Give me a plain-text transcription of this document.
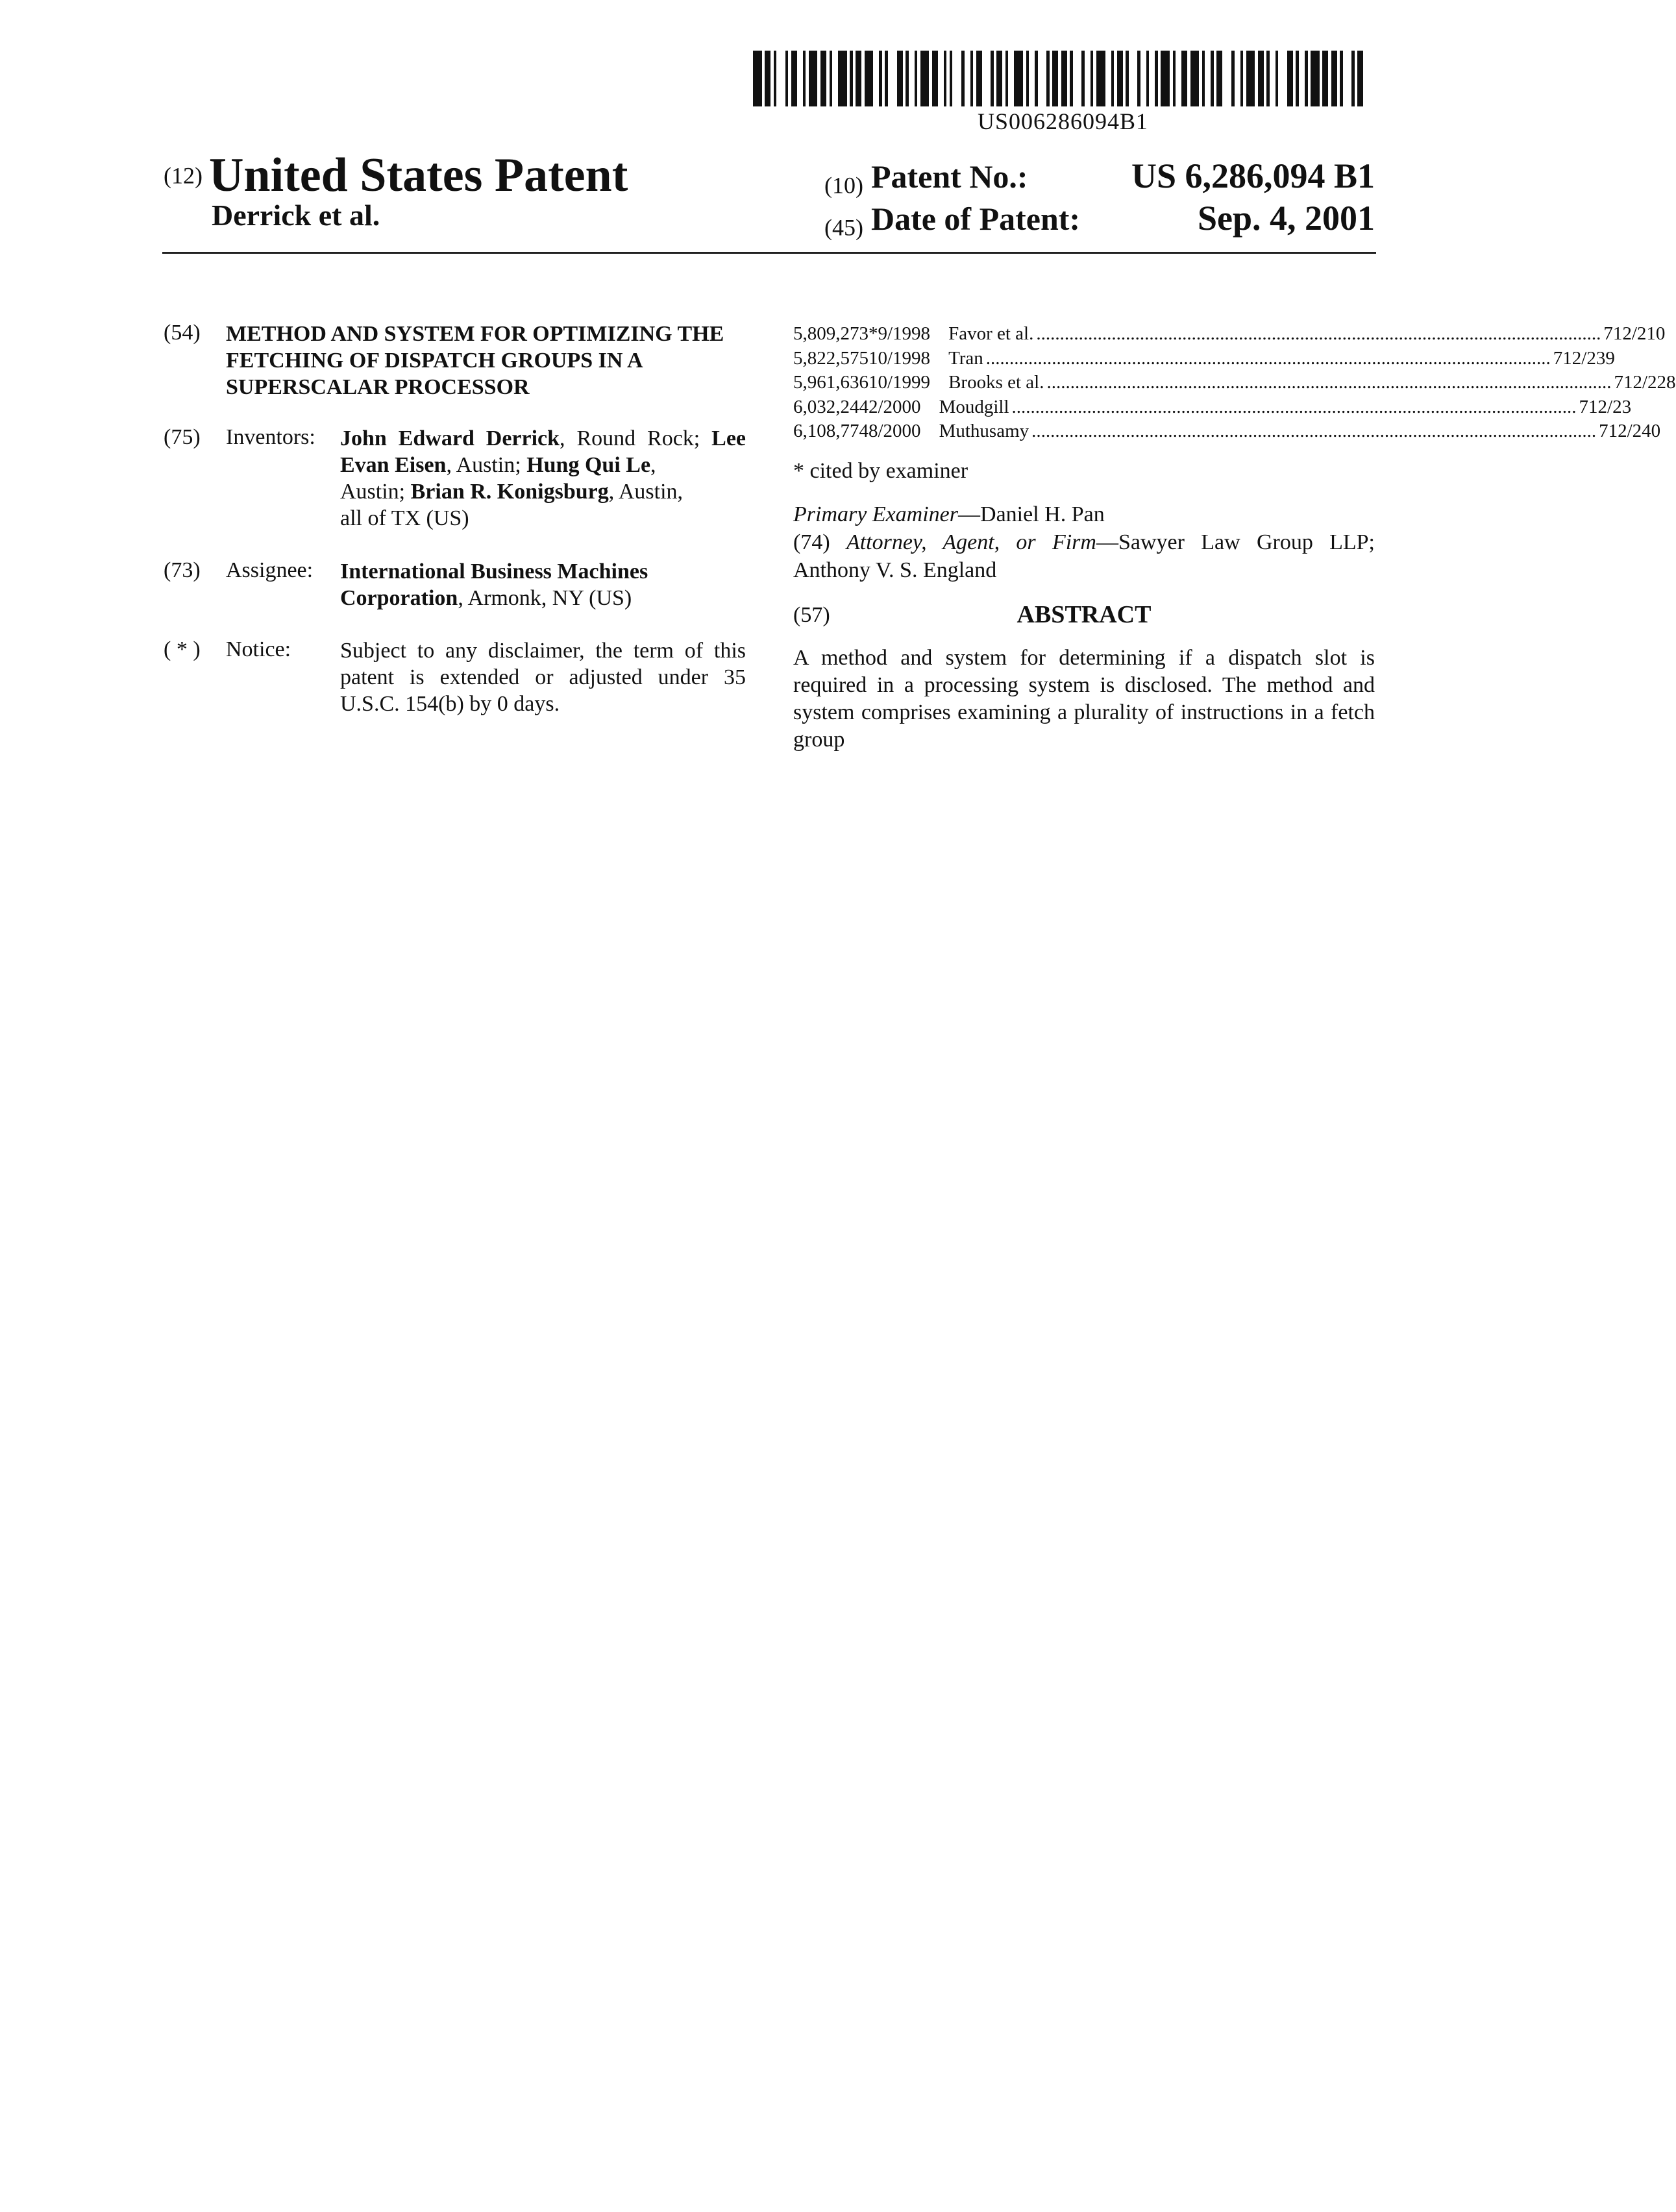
US006286094B1
(12) United States Patent
Derrick et al.
(10) Patent No.:	US 6,286,094 B1
(45) Date of Patent:	Sep. 4, 2001
(54) METHOD AND SYSTEM FOR OPTIMIZING THE FETCHING OF DISPATCH GROUPS IN A SUPERSCALAR PROCESSOR
(75) Inventors: John Edward Derrick, Round Rock; Lee Evan Eisen, Austin; Hung Qui Le,
Austin; Brian R. Konigsburg, Austin,
all of TX (US)
(73) Assignee: International Business Machines Corporation, Armonk, NY (US)
( * ) Notice: Subject to any disclaimer, the term of this patent is extended or adjusted under 35 U.S.C. 154(b) by 0 days.
5,809,273 * 9/1998 Favor et al. ........................................................................................................................ 712/210
5,822,575 10/1998 Tran ........................................................................................................................ 712/239
5,961,636 10/1999 Brooks et al. ........................................................................................................................ 712/228
6,032,244 2/2000 Moudgill ........................................................................................................................ 712/23
6,108,774 8/2000 Muthusamy ........................................................................................................................ 712/240
* cited by examiner
Primary Examiner—Daniel H. Pan
(74) Attorney, Agent, or Firm—Sawyer Law Group LLP; Anthony V. S. England
(57)	ABSTRACT
A method and system for determining if a dispatch slot is required in a processing system is disclosed. The method and system comprises examining a plurality of instructions in a fetch group
